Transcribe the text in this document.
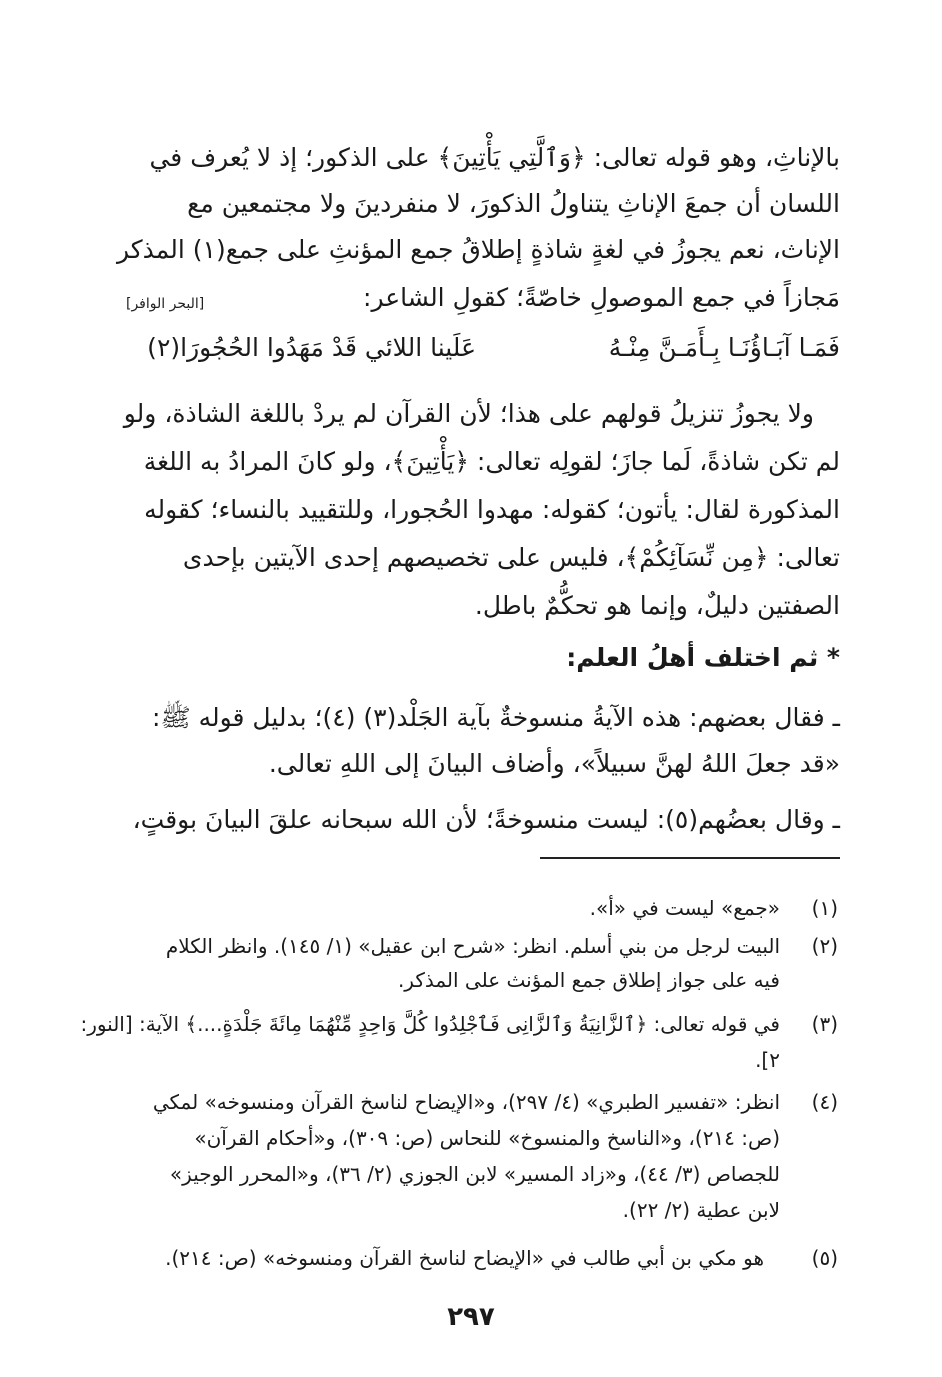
بالإناثِ، وهو قوله تعالى: ﴿وَٱلَّتِي يَأْتِينَ﴾ على الذكور؛ إذ لا يُعرف في
اللسان أن جمعَ الإناثِ يتناولُ الذكورَ، لا منفردينَ ولا مجتمعين مع
الإناث، نعم يجوزُ في لغةٍ شاذةٍ إطلاقُ جمع المؤنثِ على جمع(١) المذكر
مَجازاً في جمع الموصولِ خاصّةً؛ كقولِ الشاعر:
[البحر الوافر]
فَمَـا آبَـاؤُنَـا بِـأَمَـنَّ مِنْـهُ
عَلَينا اللائي قَدْ مَهَدُوا الحُجُورَا(٢)
ولا يجوزُ تنزيلُ قولهم على هذا؛ لأن القرآن لم يردْ باللغة الشاذة، ولو
لم تكن شاذةً، لَما جازَ؛ لقولِه تعالى: ﴿يَأْتِينَ﴾، ولو كانَ المرادُ به اللغة
المذكورة لقال: يأتون؛ كقوله: مهدوا الحُجورا، وللتقييد بالنساء؛ كقوله
تعالى: ﴿مِن نِّسَآئِكُمْ﴾، فليس على تخصيصهم إحدى الآيتين بإحدى
الصفتين دليلٌ، وإنما هو تحكُّمٌ باطل.
* ثم اختلف أهلُ العلم:
ـ فقال بعضهم: هذه الآيةُ منسوخةٌ بآية الجَلْد(٣) (٤)؛ بدليل قوله ﷺ:
«قد جعلَ اللهُ لهنَّ سبيلاً»، وأضاف البيانَ إلى اللهِ تعالى.
ـ وقال بعضُهم(٥): ليست منسوخةً؛ لأن الله سبحانه علقَ البيانَ بوقتٍ،
(١)
«جمع» ليست في «أ».
(٢)
البيت لرجل من بني أسلم. انظر: «شرح ابن عقيل» (١/ ١٤٥). وانظر الكلام
فيه على جواز إطلاق جمع المؤنث على المذكر.
(٣)
في قوله تعالى: ﴿ٱلزَّانِيَةُ وَٱلزَّانِى فَٱجْلِدُوا كُلَّ وَاحِدٍ مِّنْهُمَا مِائَةَ جَلْدَةٍ....﴾ الآية: [النور:
٢].
(٤)
انظر: «تفسير الطبري» (٤/ ٢٩٧)، و«الإيضاح لناسخ القرآن ومنسوخه» لمكي
(ص: ٢١٤)، و«الناسخ والمنسوخ» للنحاس (ص: ٣٠٩)، و«أحكام القرآن»
للجصاص (٣/ ٤٤)، و«زاد المسير» لابن الجوزي (٢/ ٣٦)، و«المحرر الوجيز»
لابن عطية (٢/ ٢٢).
(٥)
هو مكي بن أبي طالب في «الإيضاح لناسخ القرآن ومنسوخه» (ص: ٢١٤).
٢٩٧
